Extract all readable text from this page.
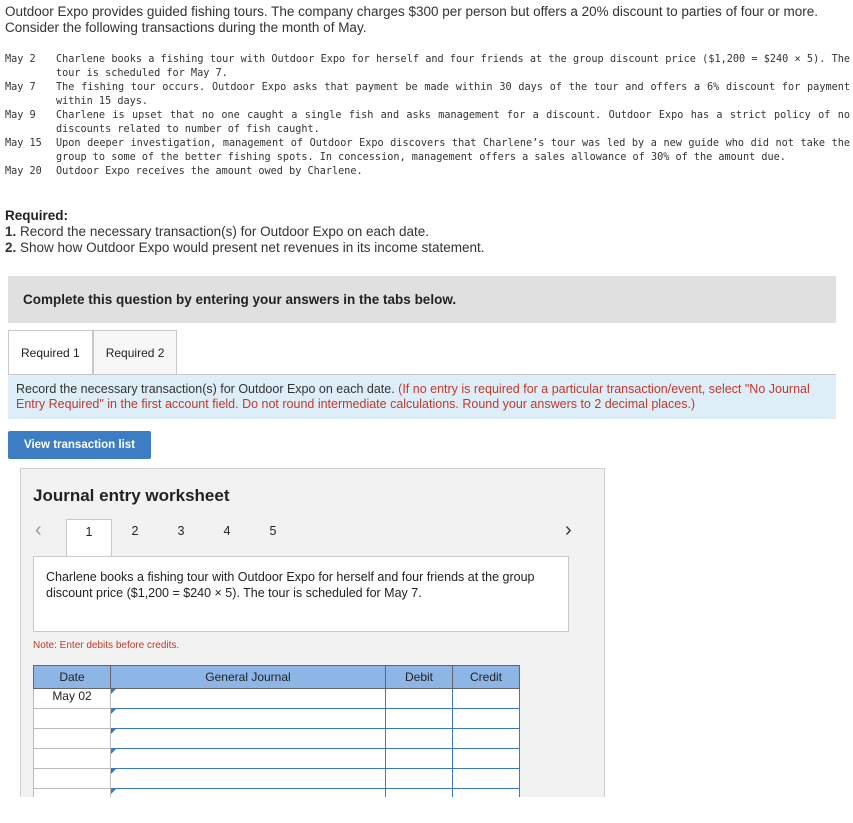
Outdoor Expo provides guided fishing tours. The company charges $300 per person but offers a 20% discount to parties of four or more. Consider the following transactions during the month of May.
May 2	Charlene books a fishing tour with Outdoor Expo for herself and four friends at the group discount price ($1,200 = $240 × 5). The tour is scheduled for May 7.
May 7	The fishing tour occurs. Outdoor Expo asks that payment be made within 30 days of the tour and offers a 6% discount for payment within 15 days.
May 9	Charlene is upset that no one caught a single fish and asks management for a discount. Outdoor Expo has a strict policy of no discounts related to number of fish caught.
May 15	Upon deeper investigation, management of Outdoor Expo discovers that Charlene’s tour was led by a new guide who did not take the group to some of the better fishing spots. In concession, management offers a sales allowance of 30% of the amount due.
May 20	Outdoor Expo receives the amount owed by Charlene.
Required:
1. Record the necessary transaction(s) for Outdoor Expo on each date.
2. Show how Outdoor Expo would present net revenues in its income statement.
Complete this question by entering your answers in the tabs below.
Required 1	Required 2
Record the necessary transaction(s) for Outdoor Expo on each date. (If no entry is required for a particular transaction/event, select "No Journal Entry Required" in the first account field. Do not round intermediate calculations. Round your answers to 2 decimal places.)
View transaction list
Journal entry worksheet
‹	1	2	3	4	5	›
Charlene books a fishing tour with Outdoor Expo for herself and four friends at the group discount price ($1,200 = $240 × 5). The tour is scheduled for May 7.
Note: Enter debits before credits.
Date	General Journal	Debit	Credit
May 02	
